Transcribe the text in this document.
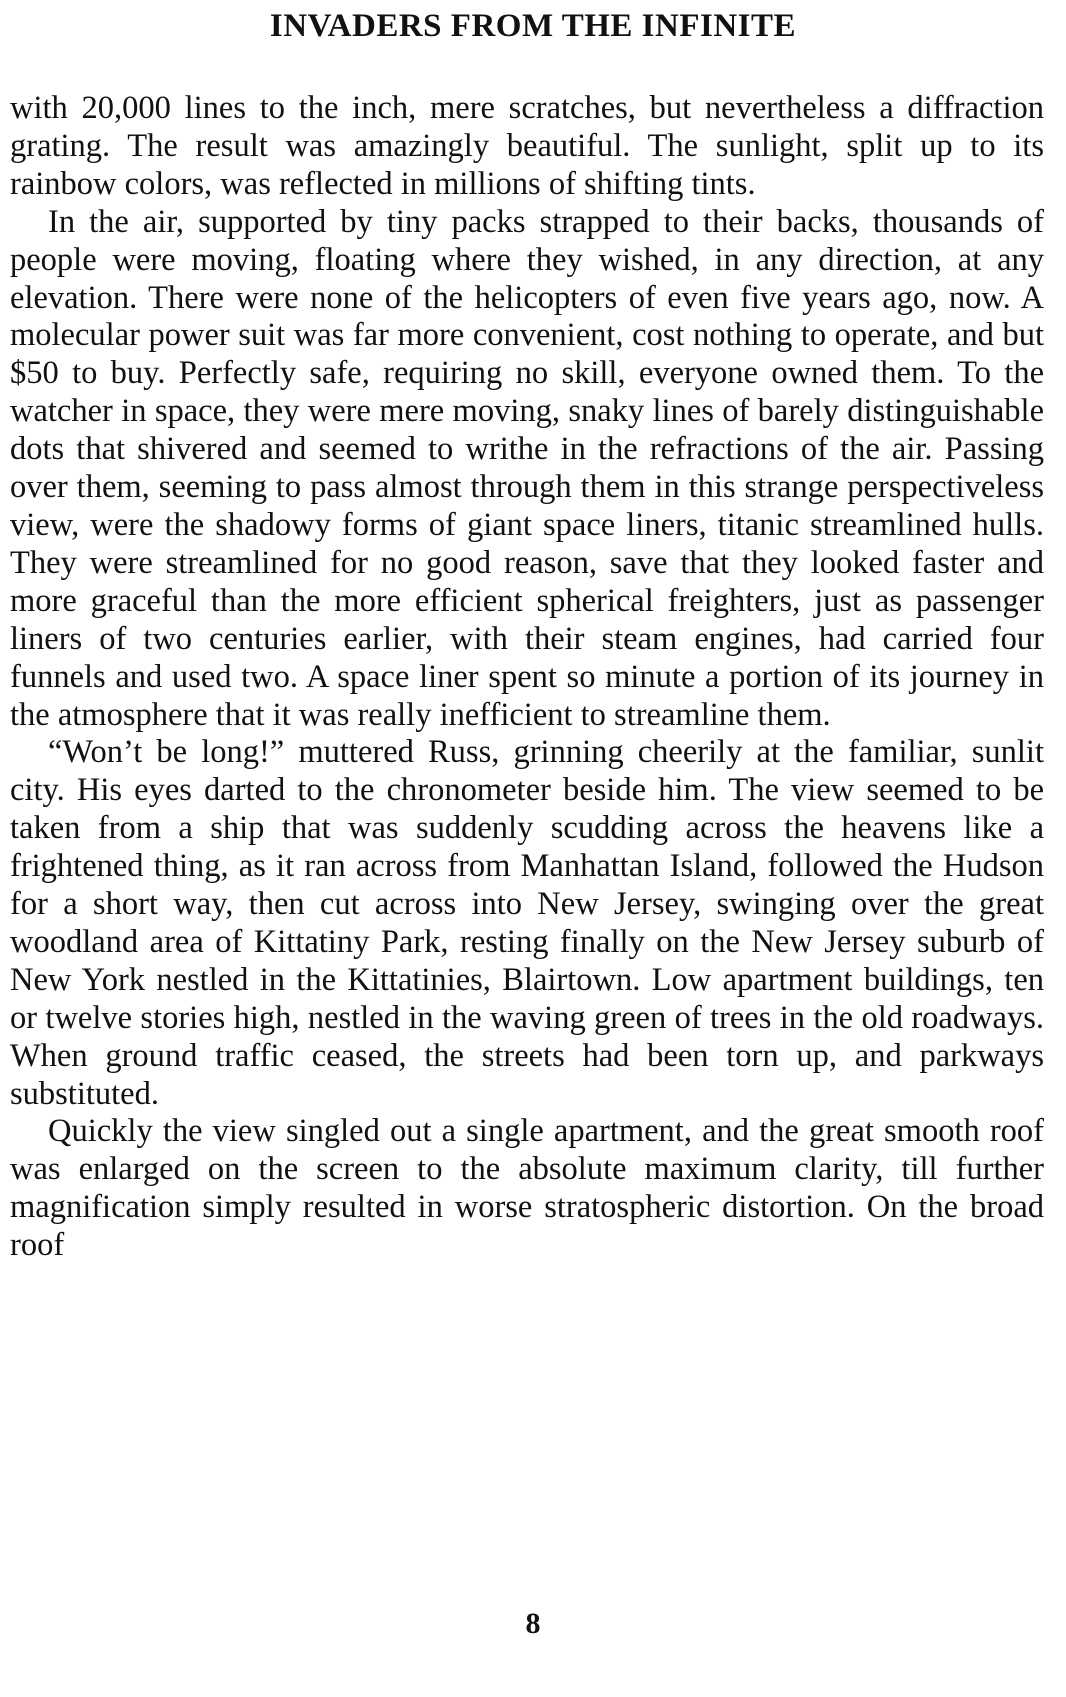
INVADERS FROM THE INFINITE

with 20,000 lines to the inch, mere scratches, but nevertheless a diffraction grating. The result was amazingly beautiful. The sunlight, split up to its rainbow colors, was reflected in millions of shifting tints.

In the air, supported by tiny packs strapped to their backs, thousands of people were moving, floating where they wished, in any direction, at any elevation. There were none of the helicopters of even five years ago, now. A molecular power suit was far more convenient, cost nothing to operate, and but $50 to buy. Perfectly safe, requiring no skill, everyone owned them. To the watcher in space, they were mere moving, snaky lines of barely distinguishable dots that shivered and seemed to writhe in the refractions of the air. Passing over them, seeming to pass almost through them in this strange perspectiveless view, were the shadowy forms of giant space liners, titanic streamlined hulls. They were streamlined for no good reason, save that they looked faster and more graceful than the more efficient spherical freighters, just as passenger liners of two centuries earlier, with their steam engines, had carried four funnels and used two. A space liner spent so minute a portion of its journey in the atmosphere that it was really inefficient to streamline them.

“Won’t be long!” muttered Russ, grinning cheerily at the familiar, sunlit city. His eyes darted to the chronometer beside him. The view seemed to be taken from a ship that was suddenly scudding across the heavens like a frightened thing, as it ran across from Manhattan Island, followed the Hudson for a short way, then cut across into New Jersey, swinging over the great woodland area of Kittatiny Park, resting finally on the New Jersey suburb of New York nestled in the Kittatinies, Blairtown. Low apartment buildings, ten or twelve stories high, nestled in the waving green of trees in the old roadways. When ground traffic ceased, the streets had been torn up, and parkways substituted.

Quickly the view singled out a single apartment, and the great smooth roof was enlarged on the screen to the absolute maximum clarity, till further magnification simply resulted in worse stratospheric distortion. On the broad roof

8
